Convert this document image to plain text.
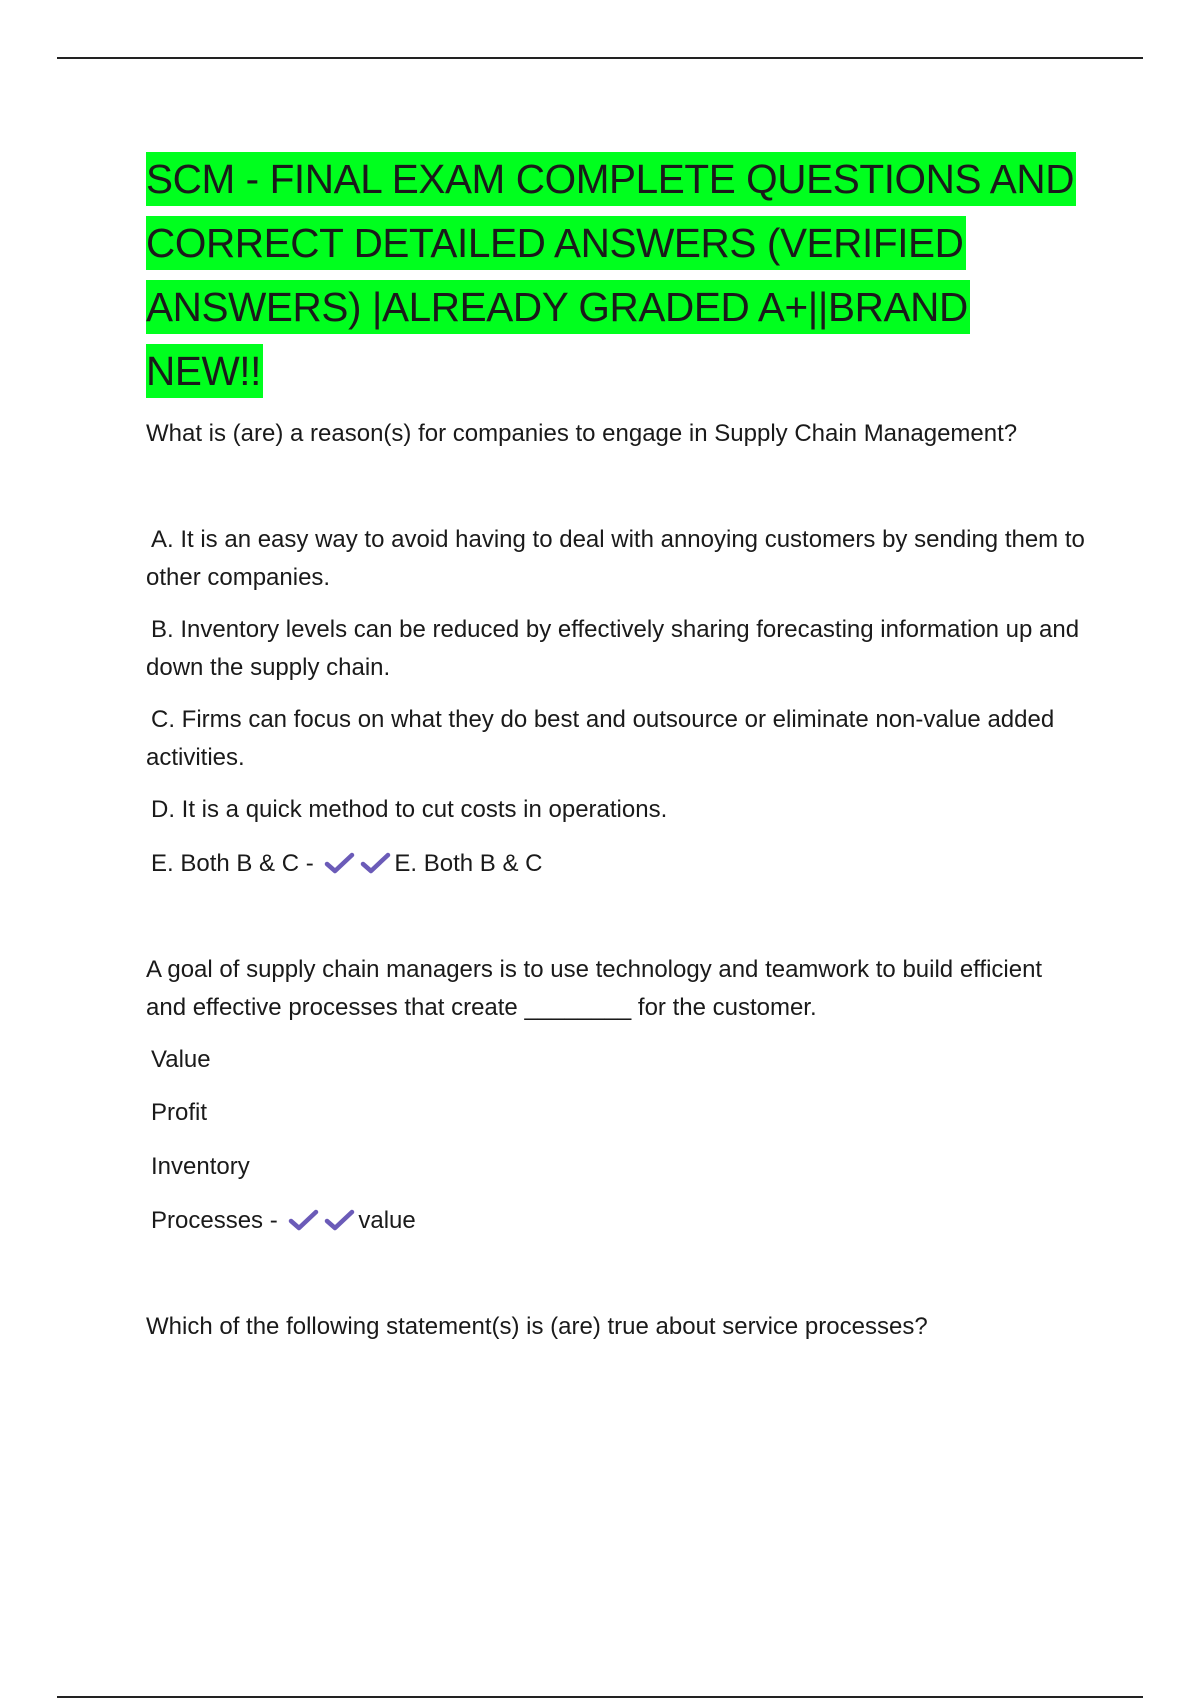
SCM - FINAL EXAM COMPLETE QUESTIONS AND
CORRECT DETAILED ANSWERS (VERIFIED
ANSWERS) |ALREADY GRADED A+||BRAND
NEW!!

What is (are) a reason(s) for companies to engage in Supply Chain Management?

A. It is an easy way to avoid having to deal with annoying customers by sending them to other companies.

B. Inventory levels can be reduced by effectively sharing forecasting information up and down the supply chain.

C. Firms can focus on what they do best and outsource or eliminate non-value added activities.

D. It is a quick method to cut costs in operations.

E. Both B & C -	E. Both B & C

A goal of supply chain managers is to use technology and teamwork to build efficient and effective processes that create ________ for the customer.

Value

Profit

Inventory

Processes -	value

Which of the following statement(s) is (are) true about service processes?
